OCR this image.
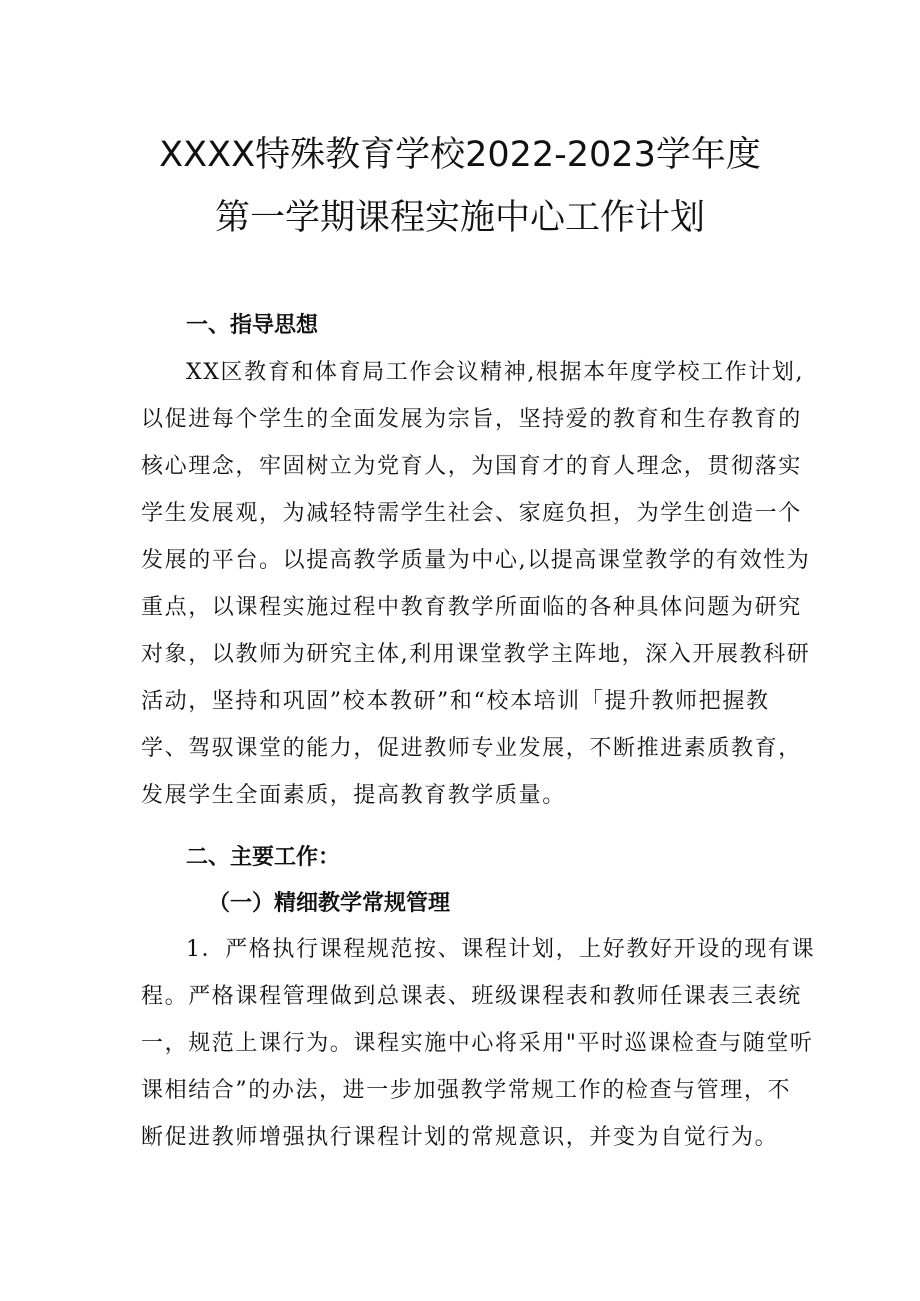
XXXX特殊教育学校2022-2023学年度
第一学期课程实施中心工作计划
一、指导思想
XX区教育和体育局工作会议精神,根据本年度学校工作计划,
以促进每个学生的全面发展为宗旨，坚持爱的教育和生存教育的
核心理念，牢固树立为党育人，为国育才的育人理念，贯彻落实
学生发展观，为减轻特需学生社会、家庭负担，为学生创造一个
发展的平台。以提高教学质量为中心,以提高课堂教学的有效性为
重点，以课程实施过程中教育教学所面临的各种具体问题为研究
对象，以教师为研究主体,利用课堂教学主阵地，深入开展教科研
活动，坚持和巩固”校本教研”和“校本培训「提升教师把握教
学、驾驭课堂的能力，促进教师专业发展，不断推进素质教育，
发展学生全面素质，提高教育教学质量。
二、主要工作：
（一）精细教学常规管理
1．严格执行课程规范按、课程计划，上好教好开设的现有课
程。严格课程管理做到总课表、班级课程表和教师任课表三表统
一，规范上课行为。课程实施中心将采用"平时巡课检查与随堂听
课相结合”的办法，进一步加强教学常规工作的检查与管理，不
断促进教师增强执行课程计划的常规意识，并变为自觉行为。
